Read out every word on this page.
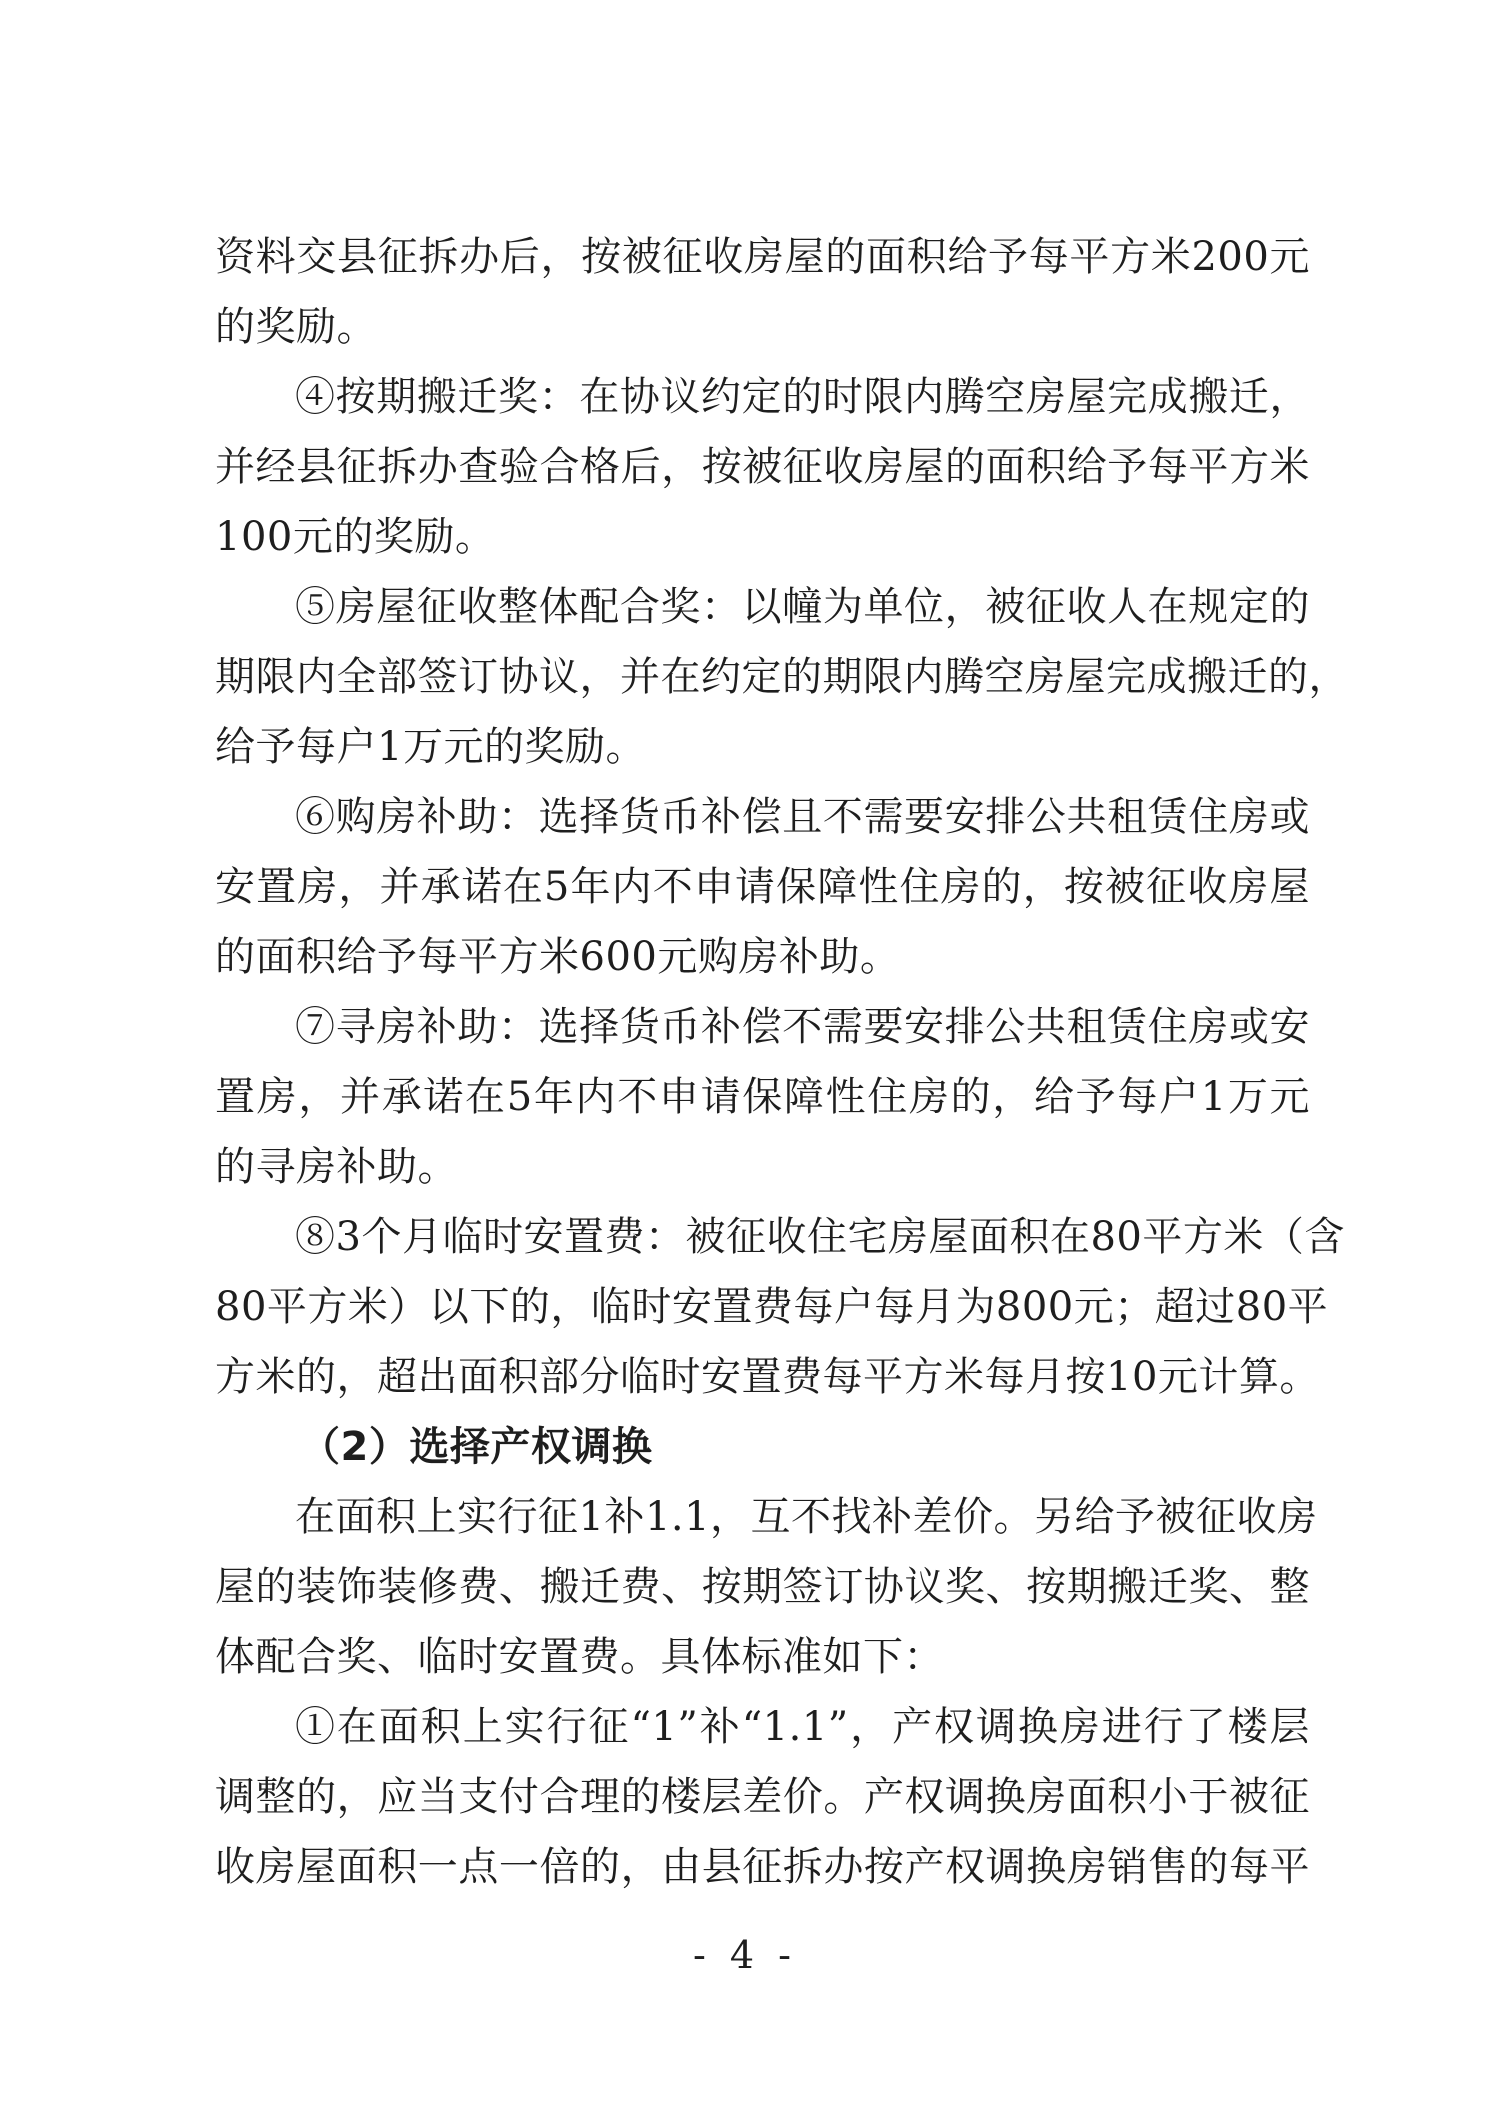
资料交县征拆办后，按被征收房屋的面积给予每平方米200元
的奖励。
④按期搬迁奖：在协议约定的时限内腾空房屋完成搬迁，
并经县征拆办查验合格后，按被征收房屋的面积给予每平方米
100元的奖励。
⑤房屋征收整体配合奖：以幢为单位，被征收人在规定的
期限内全部签订协议，并在约定的期限内腾空房屋完成搬迁的，
给予每户1万元的奖励。
⑥购房补助：选择货币补偿且不需要安排公共租赁住房或
安置房，并承诺在5年内不申请保障性住房的，按被征收房屋
的面积给予每平方米600元购房补助。
⑦寻房补助：选择货币补偿不需要安排公共租赁住房或安
置房，并承诺在5年内不申请保障性住房的，给予每户1万元
的寻房补助。
⑧3个月临时安置费：被征收住宅房屋面积在80平方米（含
80平方米）以下的，临时安置费每户每月为800元；超过80平
方米的，超出面积部分临时安置费每平方米每月按10元计算。
（2）选择产权调换
在面积上实行征1补1.1，互不找补差价。另给予被征收房
屋的装饰装修费、搬迁费、按期签订协议奖、按期搬迁奖、整
体配合奖、临时安置费。具体标准如下：
①在面积上实行征“1”补“1.1”，产权调换房进行了楼层
调整的，应当支付合理的楼层差价。产权调换房面积小于被征
收房屋面积一点一倍的，由县征拆办按产权调换房销售的每平
- 4 -
